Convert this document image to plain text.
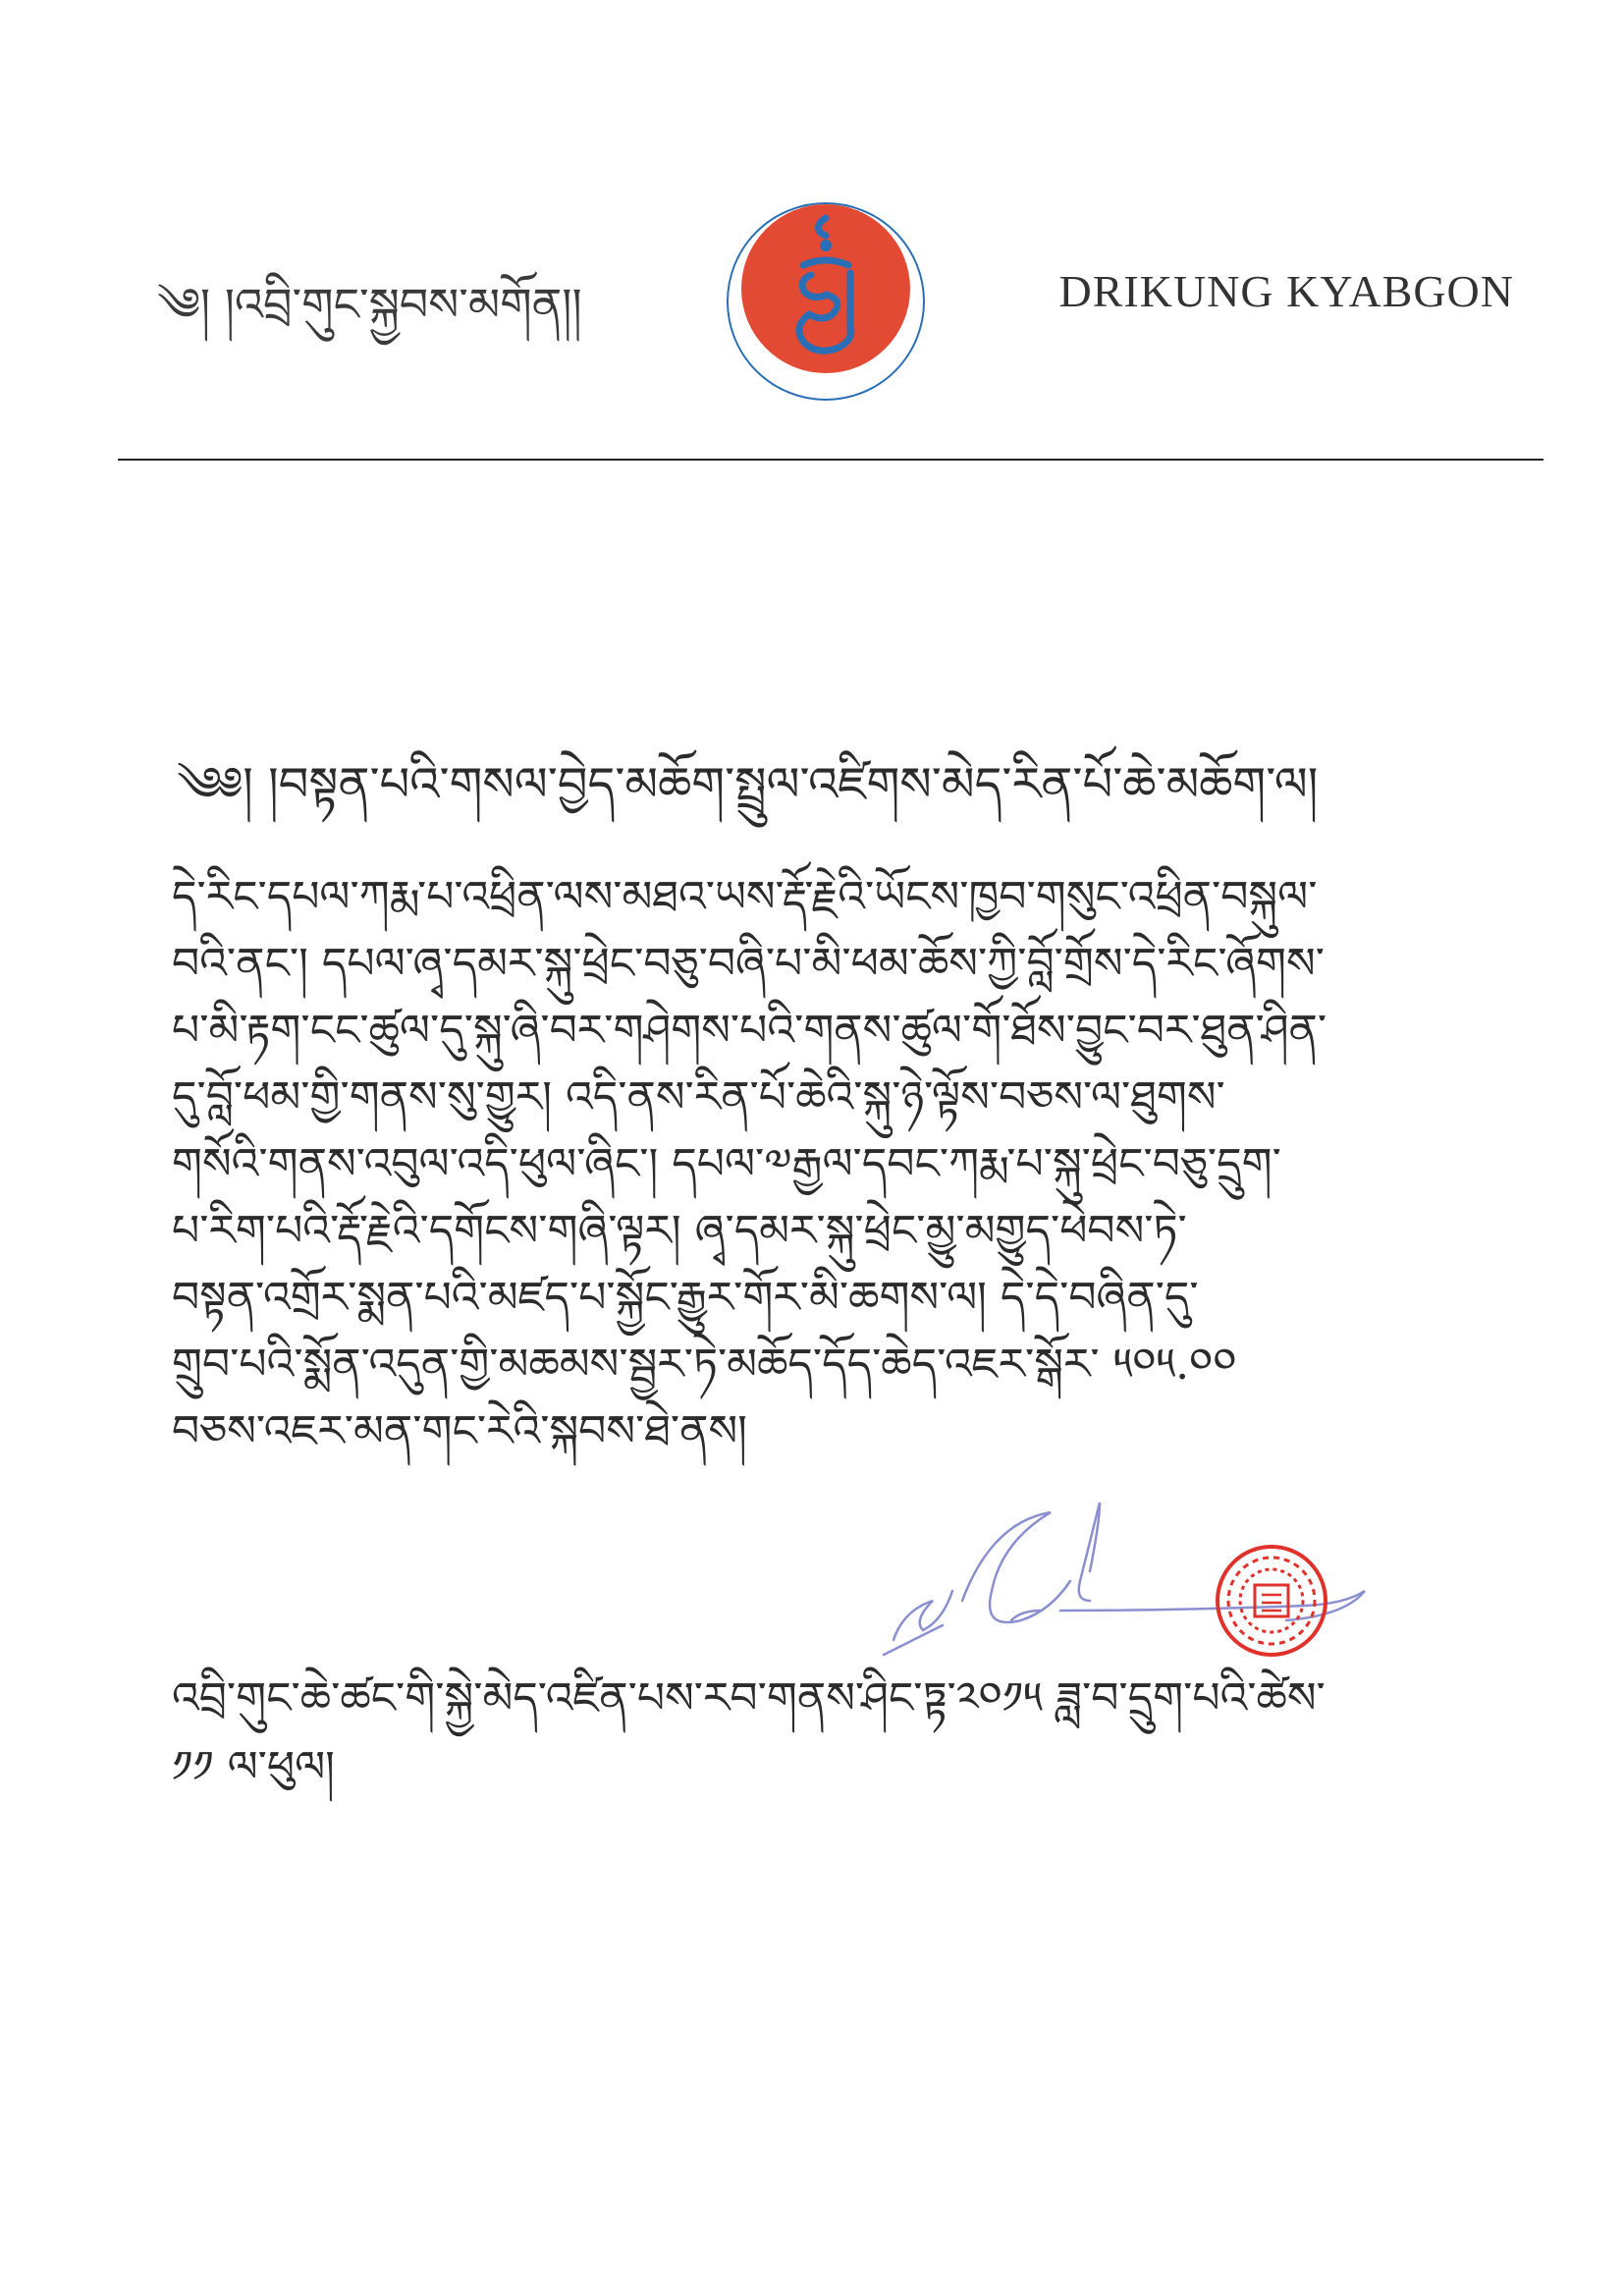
༄། །འབྲི་གུང་སྐྱབས་མགོན།།	DRIKUNG KYABGON
༄༅། །བསྟན་པའི་གསལ་བྱེད་མཆོག་སྤྲུལ་འཛིགས་མེད་རིན་པོ་ཆེ་མཆོག་ལ།
དེ་རིང་དཔལ་ཀརྨ་པ་འཕྲིན་ལས་མཐའ་ཡས་རྡོ་རྗེའི་ཡོངས་ཁྱབ་གསུང་འཕྲིན་བསྐུལ་
བའི་ནང་། དཔལ་ཞྭ་དམར་སྐུ་ཕྲེང་བཅུ་བཞི་པ་མི་ཕམ་ཆོས་ཀྱི་བློ་གྲོས་དེ་རིང་ཞོགས་
པ་མི་རྟག་ངང་ཚུལ་དུ་སྐུ་ཞི་བར་གཤེགས་པའི་གནས་ཚུལ་གོ་ཐོས་བྱུང་བར་ཐུན་ཤིན་
དུ་བློ་ཕམ་གྱི་གནས་སུ་གྱུར། འདི་ནས་རིན་པོ་ཆེའི་སྐུ་ཉེ་ལྟོས་བཅས་ལ་ཐུགས་
གསོའི་གནས་འབུལ་འདི་ཕུལ་ཞིང་། དཔལ་༧རྒྱལ་དབང་ཀརྨ་པ་སྐུ་ཕྲེང་བཅུ་དྲུག་
པ་རིག་པའི་རྡོ་རྗེའི་དགོངས་གཞི་ལྟར། ཞྭ་དམར་སྐུ་ཕྲེང་མྱུ་མགྱུད་ཕེབས་ཏེ་
བསྟན་འགྲོར་སྨན་པའི་མཛད་པ་སྐྱོང་རྒྱུར་གོར་མི་ཆགས་ལ། དེ་དེ་བཞིན་དུ་
གྲུབ་པའི་སྨོན་འདུན་གྱི་མཆམས་སྦྱར་ཏེ་མཆོད་དོད་ཆེད་འཇར་སྒོར་ ༥༠༥.༠༠
བཅས་འཇར་མན་གང་རེའི་སྐབས་ཐེ་ནས།
འབྲི་གུང་ཆེ་ཚང་གི་སྐྱེ་མེད་འཛིན་པས་རབ་གནས་ཤིང་ཏྟ་༢༠༡༥ ཟླ་བ་དྲུག་པའི་ཚེས་
༡༡ ལ་ཕུལ།
